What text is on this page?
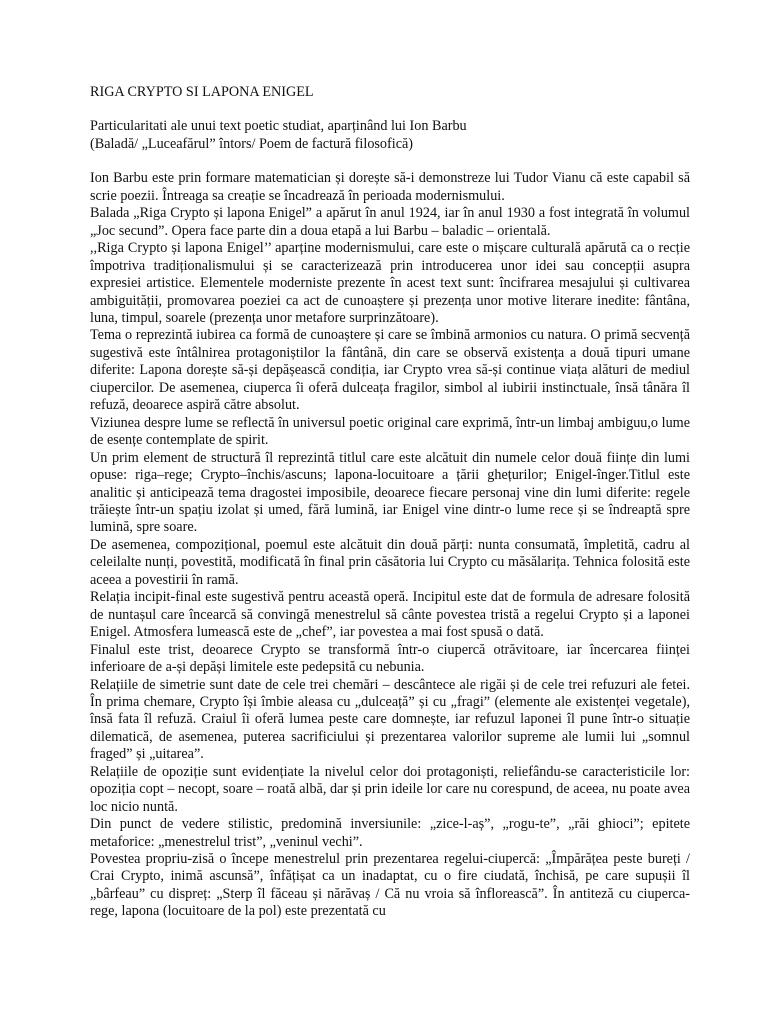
RIGA CRYPTO SI LAPONA ENIGEL
Particularitati ale unui text poetic studiat, aparținând lui Ion Barbu
(Baladă/ „Luceafărul” întors/ Poem de factură filosofică)

Ion Barbu este prin formare matematician și dorește să-i demonstreze lui Tudor Vianu că este capabil să scrie poezii. Întreaga sa creație se încadrează în perioada modernismului.

Balada „Riga Crypto și lapona Enigel” a apărut în anul 1924, iar în anul 1930 a fost integrată în volumul „Joc secund”. Opera face parte din a doua etapă a lui Barbu – baladic – orientală.

,,Riga Crypto și lapona Enigel’’ aparține modernismului, care este o mișcare culturală apărută ca o recție împotriva tradiționalismului și se caracterizează prin introducerea unor idei sau concepții asupra expresiei artistice. Elementele moderniste prezente în acest text sunt: încifrarea mesajului și cultivarea ambiguității, promovarea poeziei ca act de cunoaștere și prezența unor motive literare inedite: fântâna, luna, timpul, soarele (prezența unor metafore surprinzătoare).

Tema o reprezintă iubirea ca formă de cunoaștere și care se îmbină armonios cu natura. O primă secvență sugestivă este întâlnirea protagoniștilor la fântână, din care se observă existența a două tipuri umane diferite: Lapona dorește să-și depășească condiția, iar Crypto vrea să-și continue viața alături de mediul ciupercilor. De asemenea, ciuperca îi oferă dulceața fragilor, simbol al iubirii instinctuale, însă tânăra îl refuză, deoarece aspiră către absolut.

Viziunea despre lume se reflectă în universul poetic original care exprimă, într-un limbaj ambiguu,o lume de esențe contemplate de spirit.

Un prim element de structură îl reprezintă titlul care este alcătuit din numele celor două ființe din lumi opuse: riga–rege; Crypto–închis/ascuns; lapona-locuitoare a țării ghețurilor; Enigel-înger.Titlul este analitic și anticipează tema dragostei imposibile, deoarece fiecare personaj vine din lumi diferite: regele trăiește într-un spațiu izolat și umed, fără lumină, iar Enigel vine dintr-o lume rece și se îndreaptă spre lumină, spre soare.

De asemenea, compozițional, poemul este alcătuit din două părți: nunta consumată, împletită, cadru al celeilalte nunți, povestită, modificată în final prin căsătoria lui Crypto cu măsălarița. Tehnica folosită este aceea a povestirii în ramă.

Relația incipit-final este sugestivă pentru această operă. Incipitul este dat de formula de adresare folosită de nuntașul care încearcă să convingă menestrelul să cânte povestea tristă a regelui Crypto și a laponei Enigel. Atmosfera lumească este de „chef”, iar povestea a mai fost spusă o dată.

Finalul este trist, deoarece Crypto se transformă într-o ciupercă otrăvitoare, iar încercarea ființei inferioare de a-și depăși limitele este pedepsită cu nebunia.

Relațiile de simetrie sunt date de cele trei chemări – descântece ale rigăi și de cele trei refuzuri ale fetei. În prima chemare, Crypto își îmbie aleasa cu „dulceață” și cu „fragi” (elemente ale existenței vegetale), însă fata îl refuză. Craiul îi oferă lumea peste care domnește, iar refuzul laponei îl pune într-o situație dilematică, de asemenea, puterea sacrificiului și prezentarea valorilor supreme ale lumii lui „somnul fraged” și „uitarea”.

Relațiile de opoziție sunt evidențiate la nivelul celor doi protagoniști, reliefându-se caracteristicile lor: opoziția copt – necopt, soare – roată albă, dar și prin ideile lor care nu corespund, de aceea, nu poate avea loc nicio nuntă.

Din punct de vedere stilistic, predomină inversiunile: „zice-l-aș”, „rogu-te”, „răi ghioci”; epitete metaforice: „menestrelul trist”, „veninul vechi”.

Povestea propriu-zisă o începe menestrelul prin prezentarea regelui-ciupercă: „Împărățea peste bureți / Crai Crypto, inimă ascunsă”, înfățișat ca un inadaptat, cu o fire ciudată, închisă, pe care supușii îl „bârfeau” cu dispreț: „Sterp îl făceau și nărăvaș / Că nu vroia să înflorească”. În antiteză cu ciuperca-rege, lapona (locuitoare de la pol) este prezentată cu
